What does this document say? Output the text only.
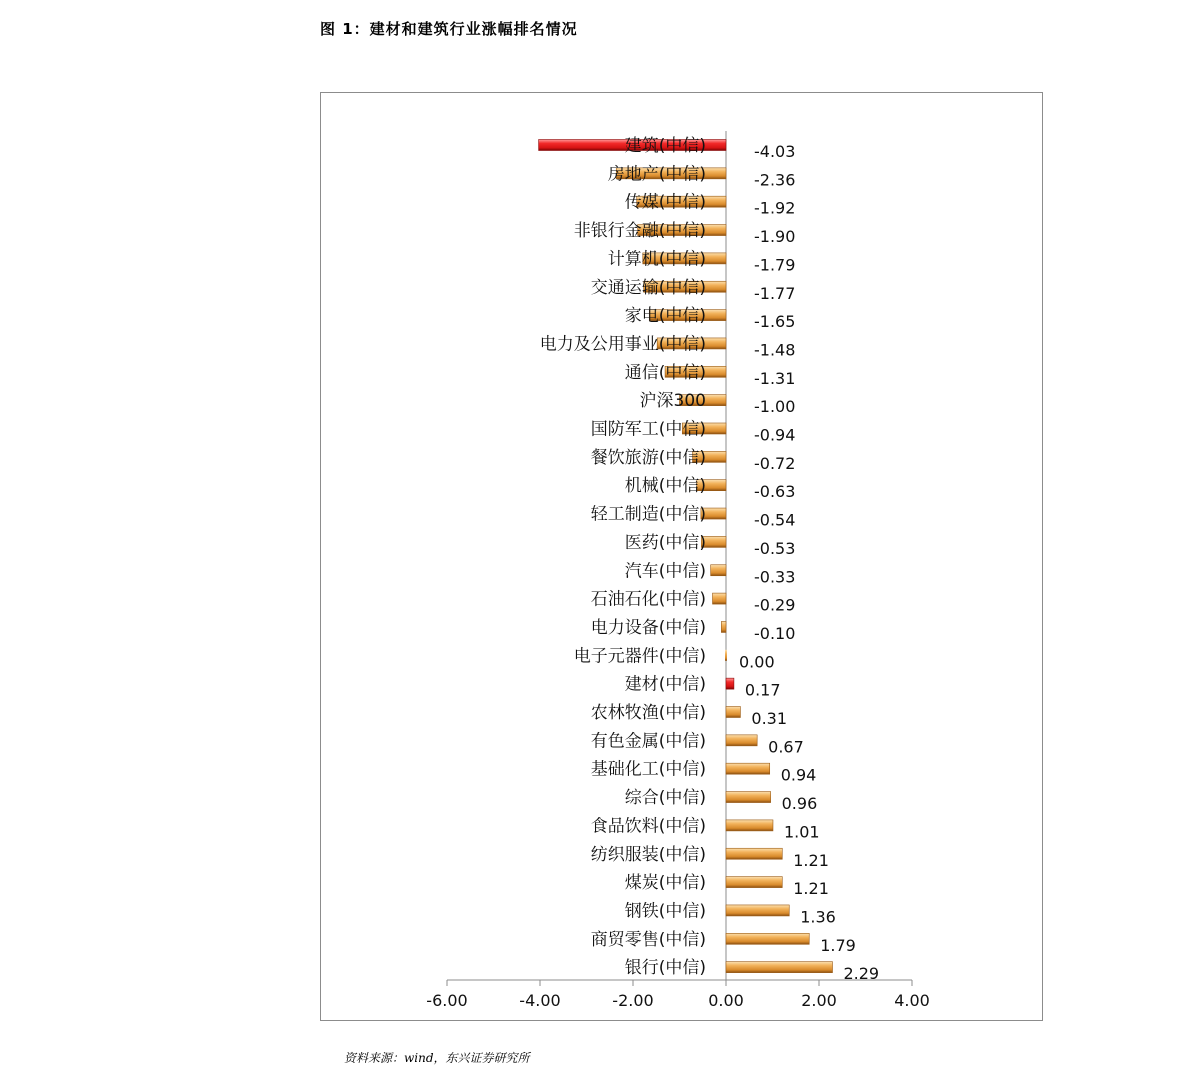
图 1：建材和建筑行业涨幅排名情况
-6.00	-4.00	-2.00	0.00	2.00	4.00
建筑(中信)	-4.03
房地产(中信)	-2.36
传媒(中信)	-1.92
非银行金融(中信)	-1.90
计算机(中信)	-1.79
交通运输(中信)	-1.77
家电(中信)	-1.65
电力及公用事业(中信)	-1.48
通信(中信)	-1.31
沪深300	-1.00
国防军工(中信)	-0.94
餐饮旅游(中信)	-0.72
机械(中信)	-0.63
轻工制造(中信)	-0.54
医药(中信)	-0.53
汽车(中信)	-0.33
石油石化(中信)	-0.29
电力设备(中信)	-0.10
电子元器件(中信) 0.00
建材(中信) 0.17
农林牧渔(中信)	0.31
有色金属(中信)	0.67
基础化工(中信)	0.94
综合(中信)	0.96
食品饮料(中信)	1.01
纺织服装(中信)	1.21
煤炭(中信)	1.21
钢铁(中信)	1.36
商贸零售(中信)	1.79
银行(中信)	2.29
资料来源：wind，东兴证券研究所
